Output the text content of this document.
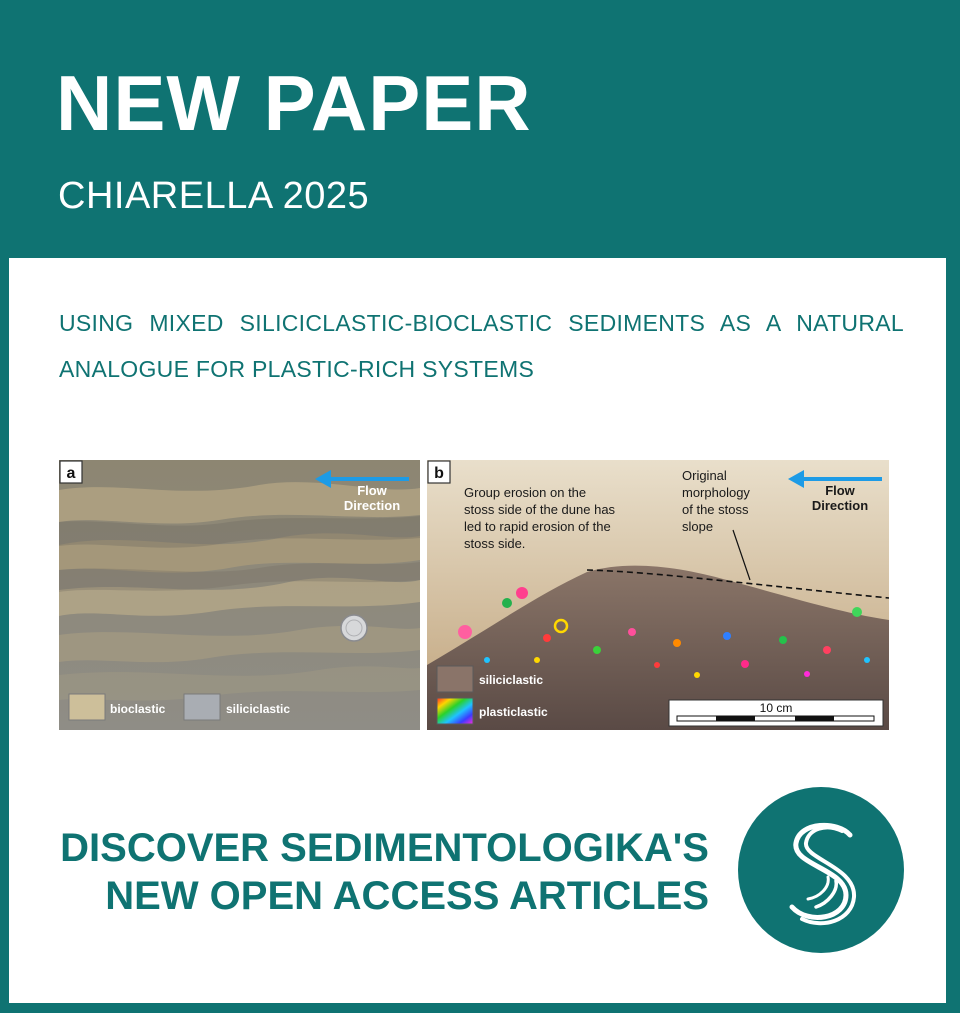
NEW PAPER
CHIARELLA 2025
USING MIXED SILICICLASTIC-BIOCLASTIC SEDIMENTS AS A NATURAL ANALOGUE FOR PLASTIC-RICH SYSTEMS
a
Flow
Direction
bioclastic	siliciclastic
b
Group erosion on the
stoss side of the dune has
led to rapid erosion of the
stoss side.
Original
morphology
of the stoss
slope
Flow
Direction
siliciclastic
plasticlastic	10 cm
DISCOVER SEDIMENTOLOGIKA'S
NEW OPEN ACCESS ARTICLES
